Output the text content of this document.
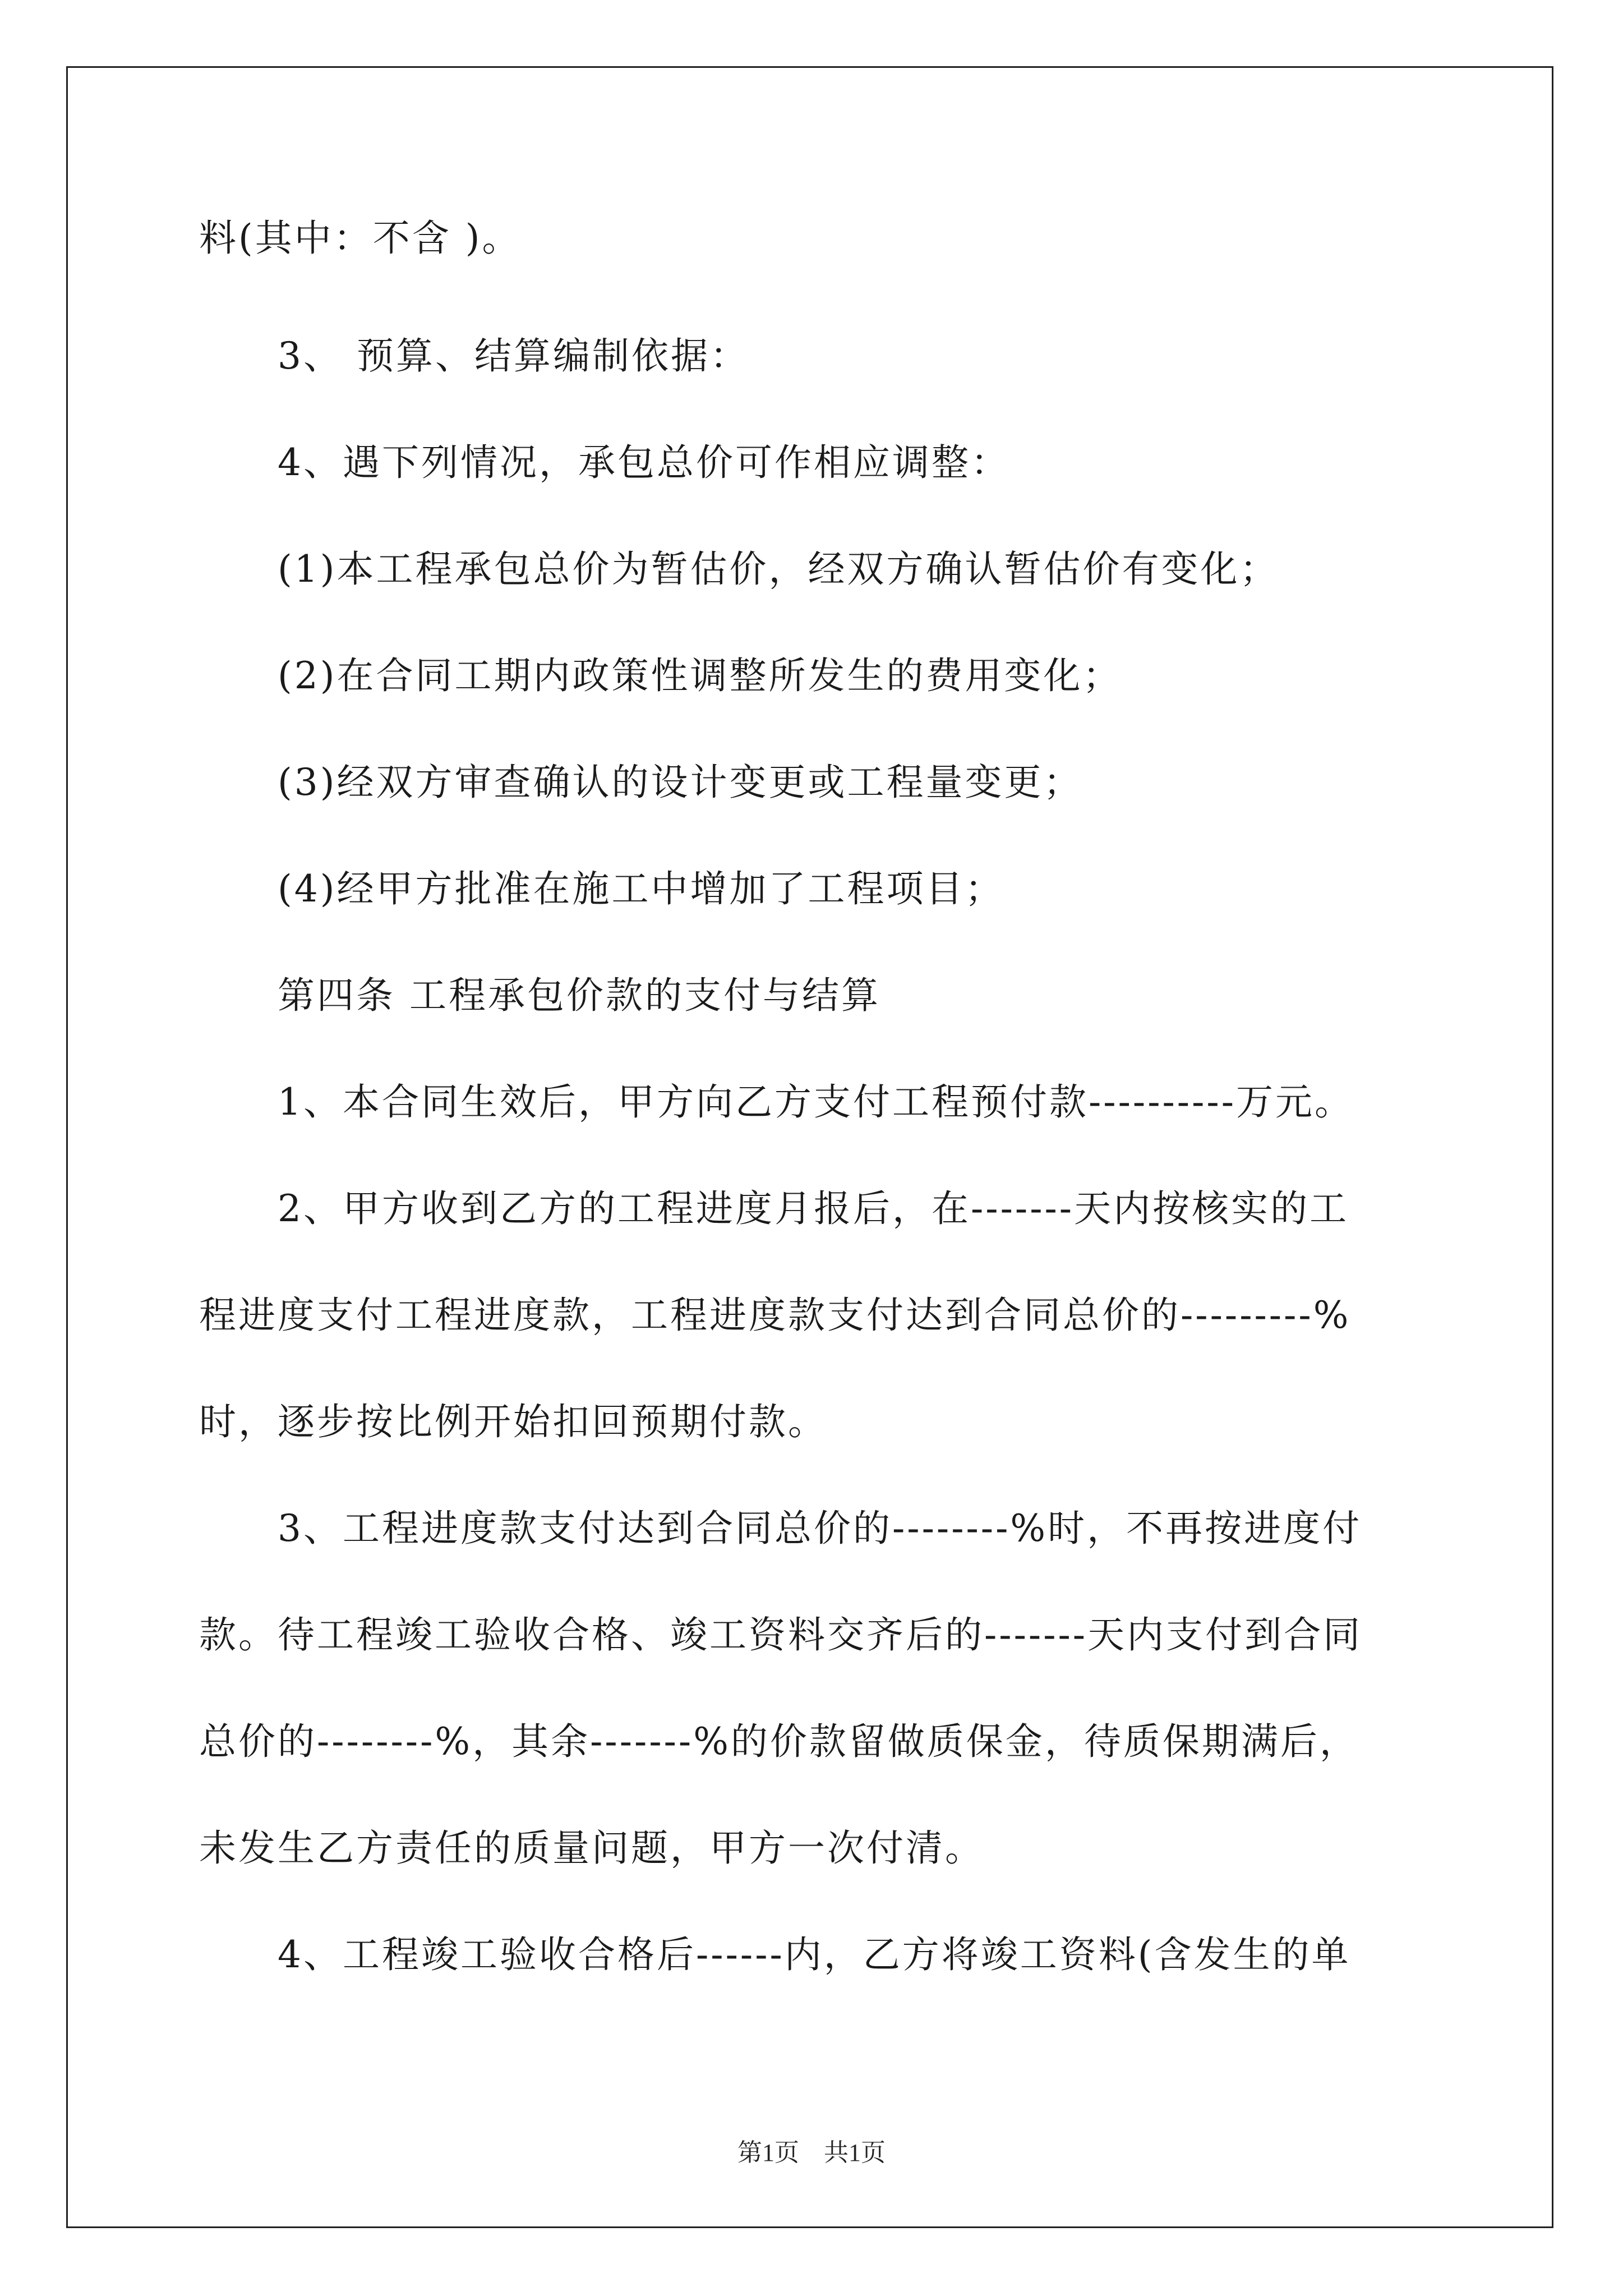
料(其中：不含 )。
3、 预算、结算编制依据：
4、遇下列情况，承包总价可作相应调整：
(1)本工程承包总价为暂估价，经双方确认暂估价有变化；
(2)在合同工期内政策性调整所发生的费用变化；
(3)经双方审查确认的设计变更或工程量变更；
(4)经甲方批准在施工中增加了工程项目；
第四条 工程承包价款的支付与结算
1、本合同生效后，甲方向乙方支付工程预付款----------万元。
2、甲方收到乙方的工程进度月报后，在-------天内按核实的工
程进度支付工程进度款，工程进度款支付达到合同总价的---------%
时，逐步按比例开始扣回预期付款。
3、工程进度款支付达到合同总价的--------%时，不再按进度付
款。待工程竣工验收合格、竣工资料交齐后的-------天内支付到合同
总价的--------%，其余-------%的价款留做质保金，待质保期满后，
未发生乙方责任的质量问题，甲方一次付清。
4、工程竣工验收合格后------内，乙方将竣工资料(含发生的单
第1页　共1页
